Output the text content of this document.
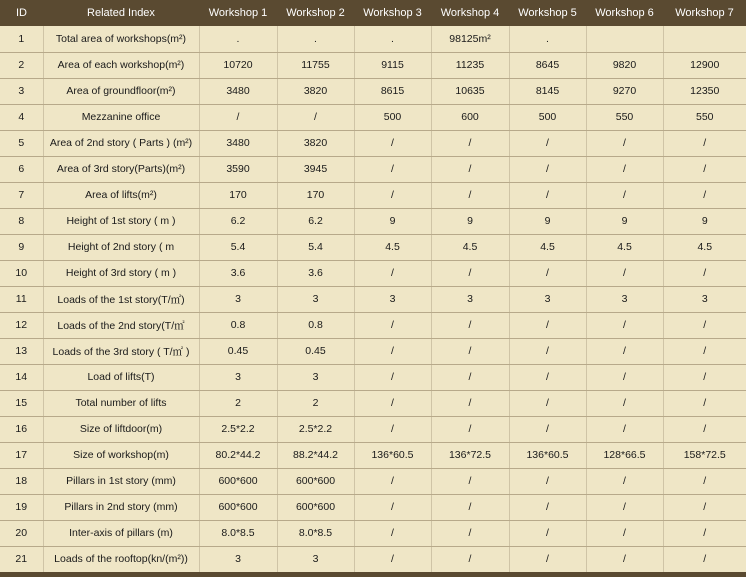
ID	Related Index	Workshop 1	Workshop 2	Workshop 3	Workshop 4	Workshop 5	Workshop 6	Workshop 7
1	Total area of workshops(m²)	.	.	.	98125m²	.		
2	Area of each workshop(m²)	10720	11755	9115	11235	8645	9820	12900
3	Area of groundfloor(m²)	3480	3820	8615	10635	8145	9270	12350
4	Mezzanine office	/	/	500	600	500	550	550
5	Area of 2nd story ( Parts ) (m²)	3480	3820	/	/	/	/	/
6	Area of 3rd story(Parts)(m²)	3590	3945	/	/	/	/	/
7	Area of lifts(m²)	170	170	/	/	/	/	/
8	Height of 1st story ( m )	6.2	6.2	9	9	9	9	9
9	Height of 2nd story ( m	5.4	5.4	4.5	4.5	4.5	4.5	4.5
10	Height of 3rd story ( m )	3.6	3.6	/	/	/	/	/
11	Loads of the 1st story(T/㎡)	3	3	3	3	3	3	3
12	Loads of the 2nd story(T/㎡	0.8	0.8	/	/	/	/	/
13	Loads of the 3rd story ( T/㎡ )	0.45	0.45	/	/	/	/	/
14	Load of lifts(T)	3	3	/	/	/	/	/
15	Total number of lifts	2	2	/	/	/	/	/
16	Size of liftdoor(m)	2.5*2.2	2.5*2.2	/	/	/	/	/
17	Size of workshop(m)	80.2*44.2	88.2*44.2	136*60.5	136*72.5	136*60.5	128*66.5	158*72.5
18	Pillars in 1st story (mm)	600*600	600*600	/	/	/	/	/
19	Pillars in 2nd story (mm)	600*600	600*600	/	/	/	/	/
20	Inter-axis of pillars (m)	8.0*8.5	8.0*8.5	/	/	/	/	/
21	Loads of the rooftop(kn/(m²))	3	3	/	/	/	/	/
